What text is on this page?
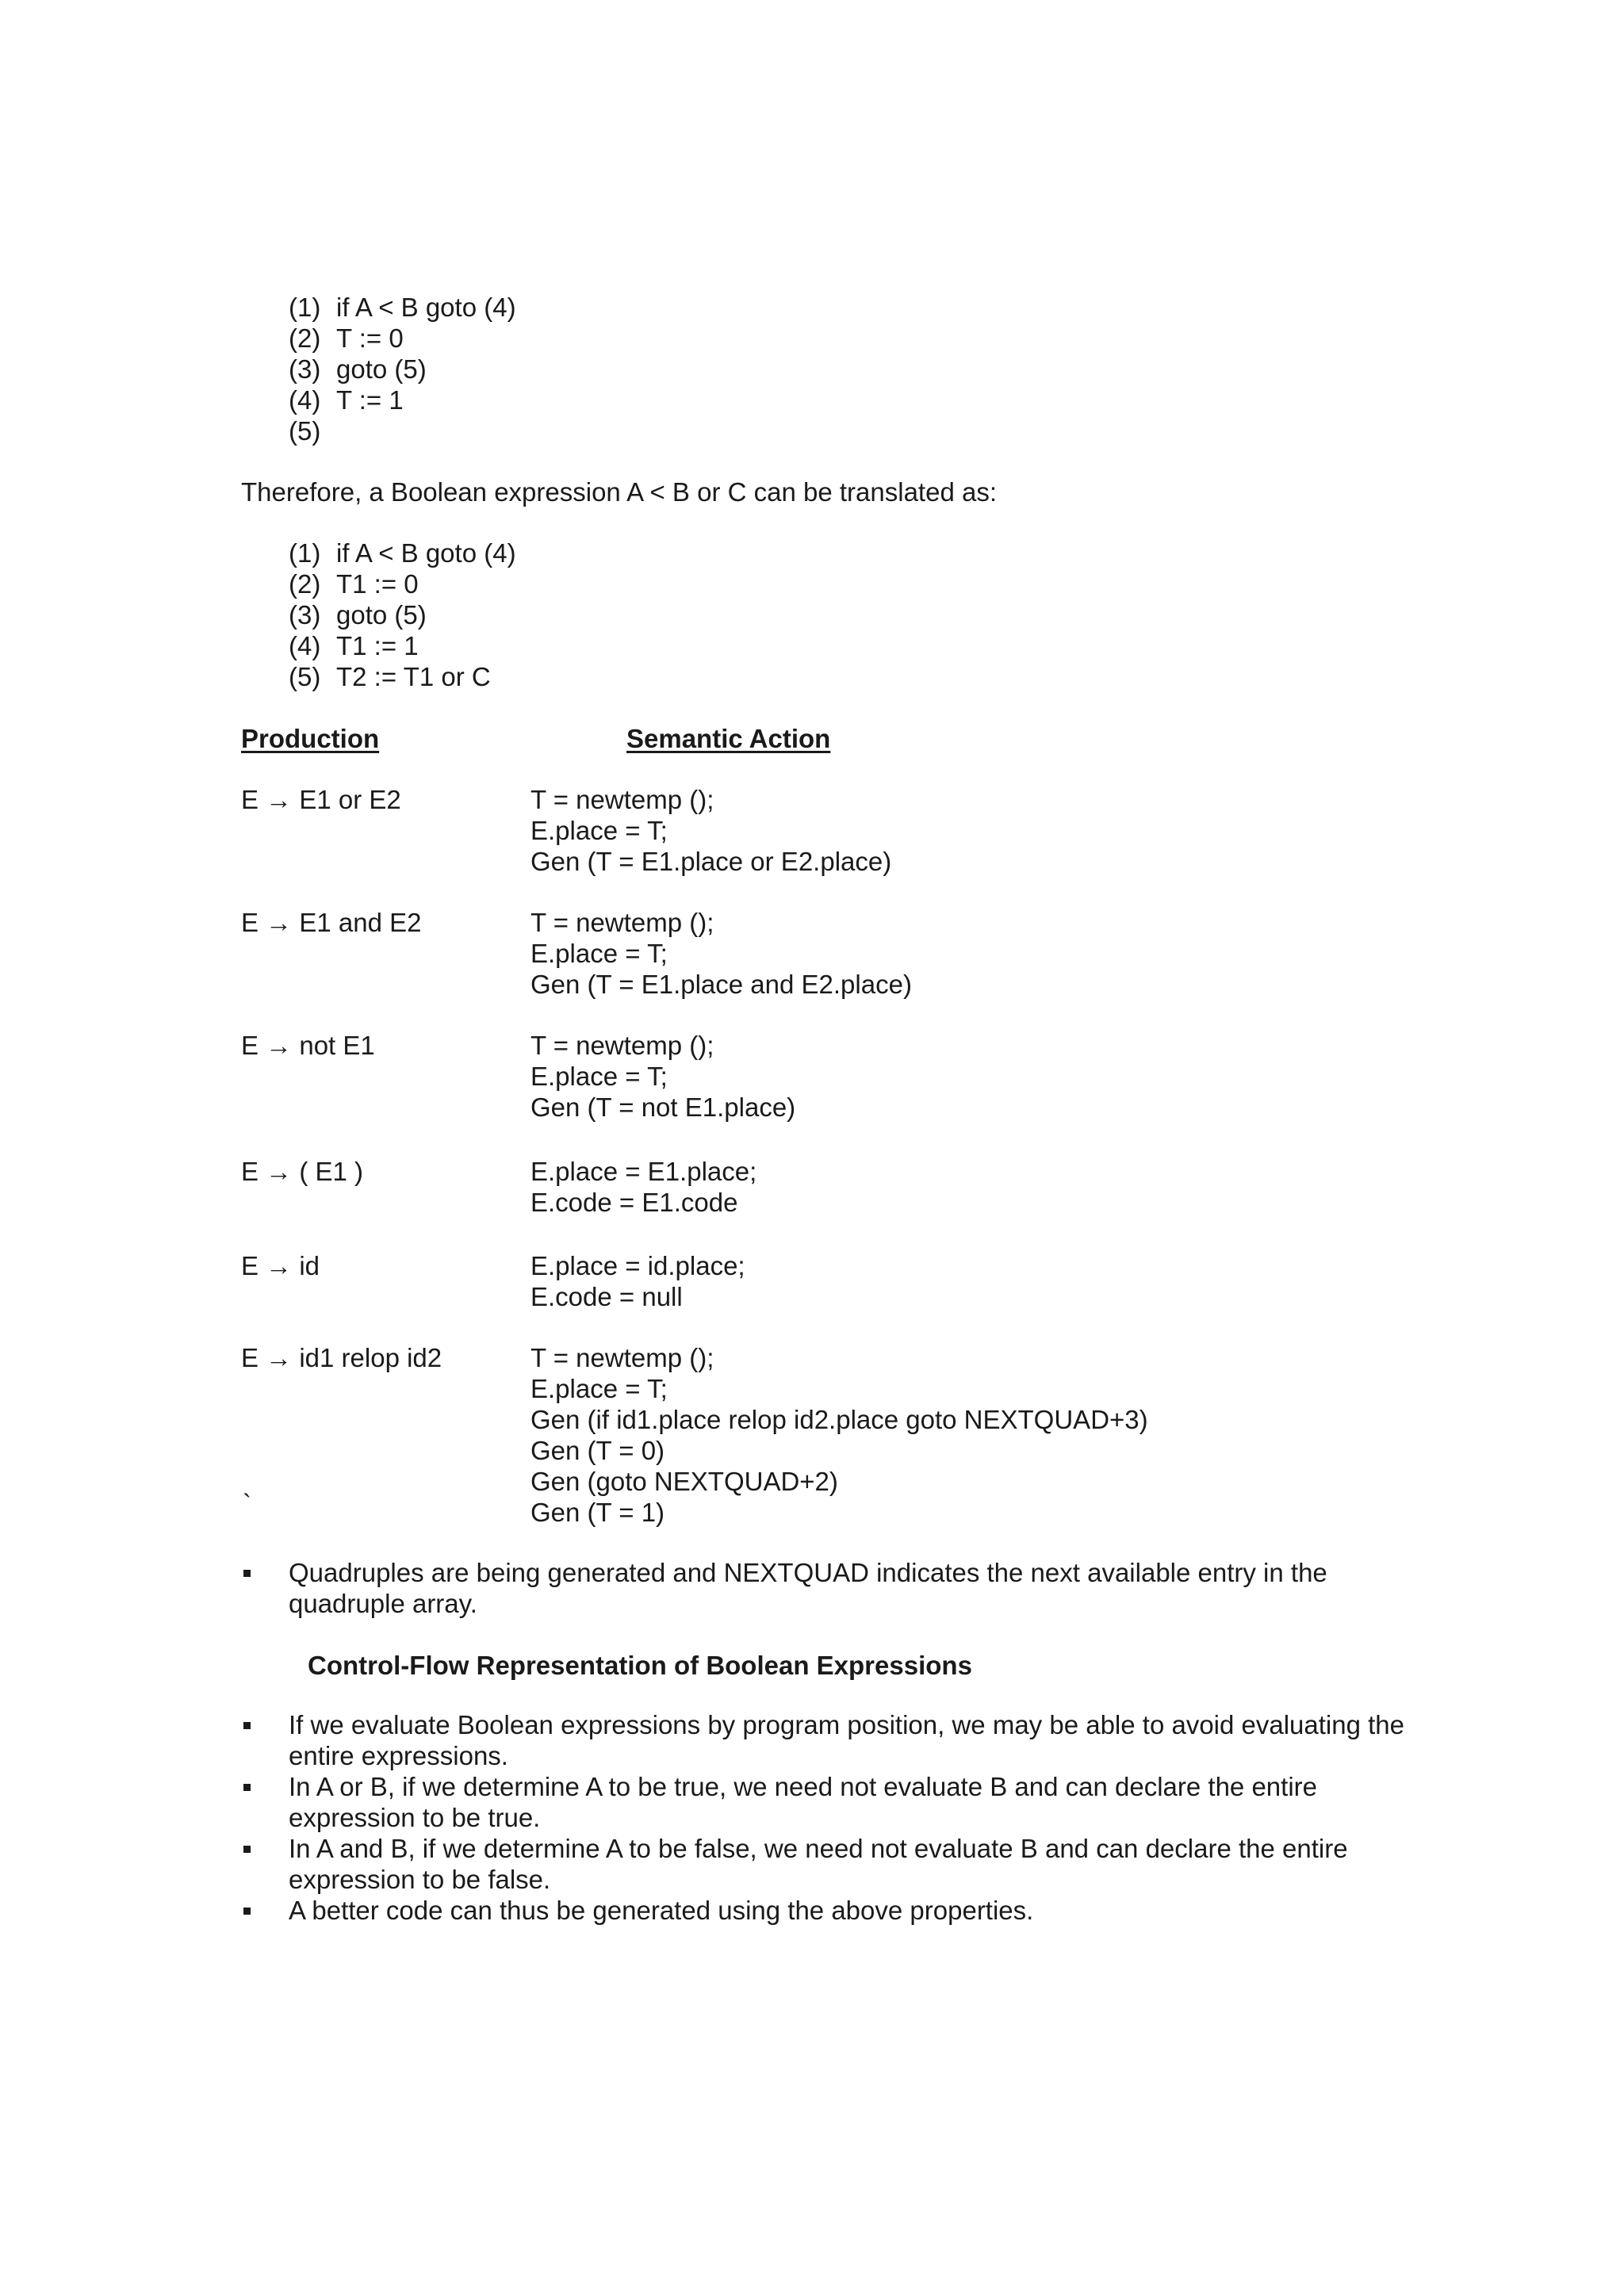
(1) if A < B goto (4)
(2) T := 0
(3) goto (5)
(4) T := 1
(5)
Therefore, a Boolean expression A < B or C can be translated as:
(1) if A < B goto (4)
(2) T1 := 0
(3) goto (5)
(4) T1 := 1
(5) T2 := T1 or C
Production	Semantic Action
E → E1 or E2	T = newtemp ();
E.place = T;
Gen (T = E1.place or E2.place)
E → E1 and E2	T = newtemp ();
E.place = T;
Gen (T = E1.place and E2.place)
E → not E1	T = newtemp ();
E.place = T;
Gen (T = not E1.place)
E → ( E1 )	E.place = E1.place;
E.code = E1.code
E → id	E.place = id.place;
E.code = null
E → id1 relop id2	T = newtemp ();
E.place = T;
Gen (if id1.place relop id2.place goto NEXTQUAD+3)
Gen (T = 0)
Gen (goto NEXTQUAD+2)
Gen (T = 1)
`
Quadruples are being generated and NEXTQUAD indicates the next available entry in the quadruple array.
Control-Flow Representation of Boolean Expressions
If we evaluate Boolean expressions by program position, we may be able to avoid evaluating the entire expressions.
In A or B, if we determine A to be true, we need not evaluate B and can declare the entire expression to be true.
In A and B, if we determine A to be false, we need not evaluate B and can declare the entire expression to be false.
A better code can thus be generated using the above properties.
